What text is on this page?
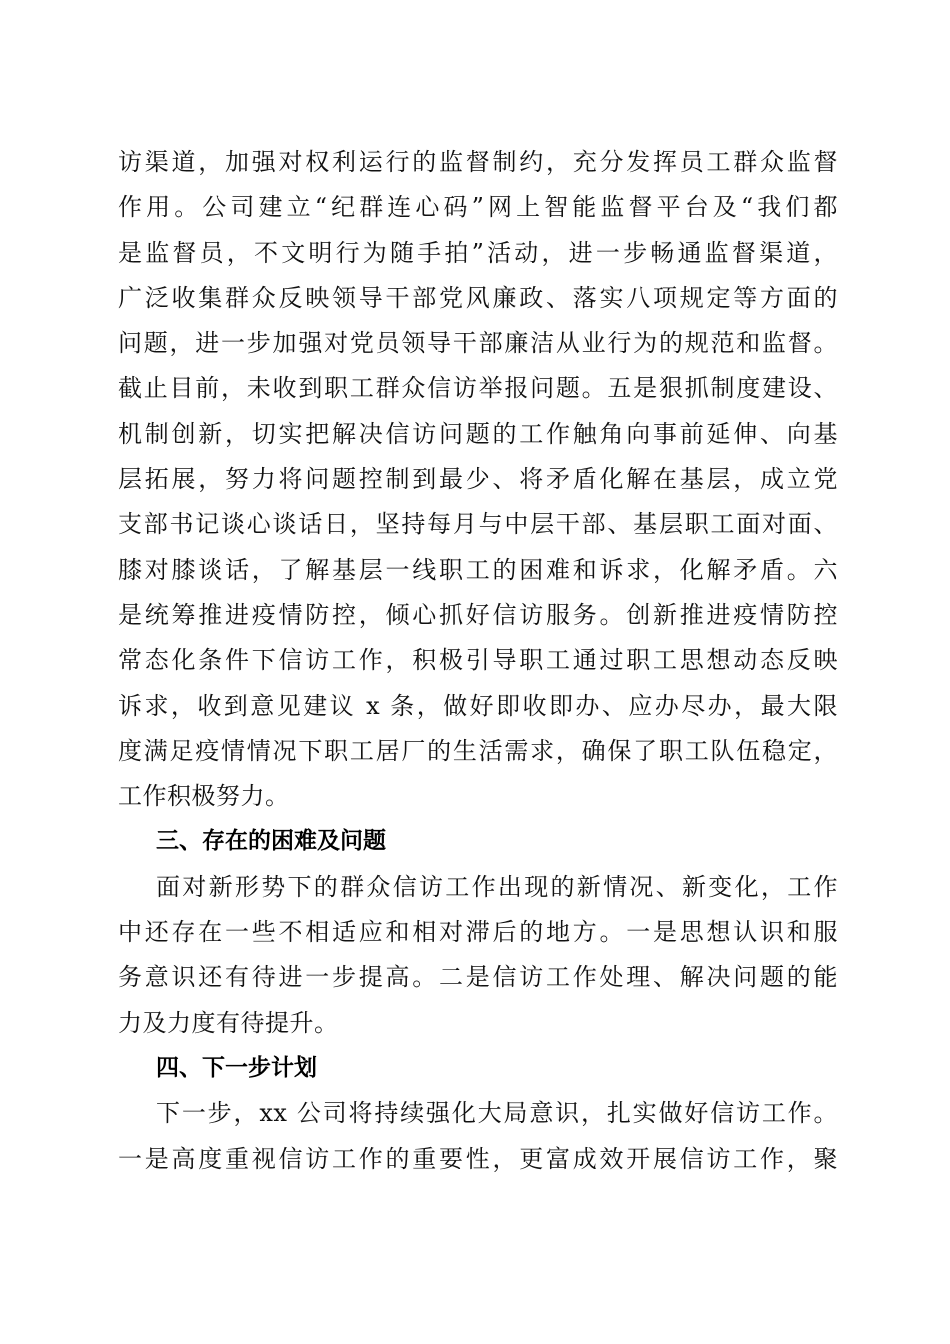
访渠道，加强对权利运行的监督制约，充分发挥员工群众监督
作用。公司建立“纪群连心码”网上智能监督平台及“我们都
是监督员，不文明行为随手拍”活动，进一步畅通监督渠道，
广泛收集群众反映领导干部党风廉政、落实八项规定等方面的
问题，进一步加强对党员领导干部廉洁从业行为的规范和监督。
截止目前，未收到职工群众信访举报问题。五是狠抓制度建设、
机制创新，切实把解决信访问题的工作触角向事前延伸、向基
层拓展，努力将问题控制到最少、将矛盾化解在基层，成立党
支部书记谈心谈话日，坚持每月与中层干部、基层职工面对面、
膝对膝谈话，了解基层一线职工的困难和诉求，化解矛盾。六
是统筹推进疫情防控，倾心抓好信访服务。创新推进疫情防控
常态化条件下信访工作，积极引导职工通过职工思想动态反映
诉求，收到意见建议 x 条，做好即收即办、应办尽办，最大限
度满足疫情情况下职工居厂的生活需求，确保了职工队伍稳定，
工作积极努力。
三、存在的困难及问题
面对新形势下的群众信访工作出现的新情况、新变化，工作
中还存在一些不相适应和相对滞后的地方。一是思想认识和服
务意识还有待进一步提高。二是信访工作处理、解决问题的能
力及力度有待提升。
四、下一步计划
下一步，xx 公司将持续强化大局意识，扎实做好信访工作。
一是高度重视信访工作的重要性，更富成效开展信访工作，聚
